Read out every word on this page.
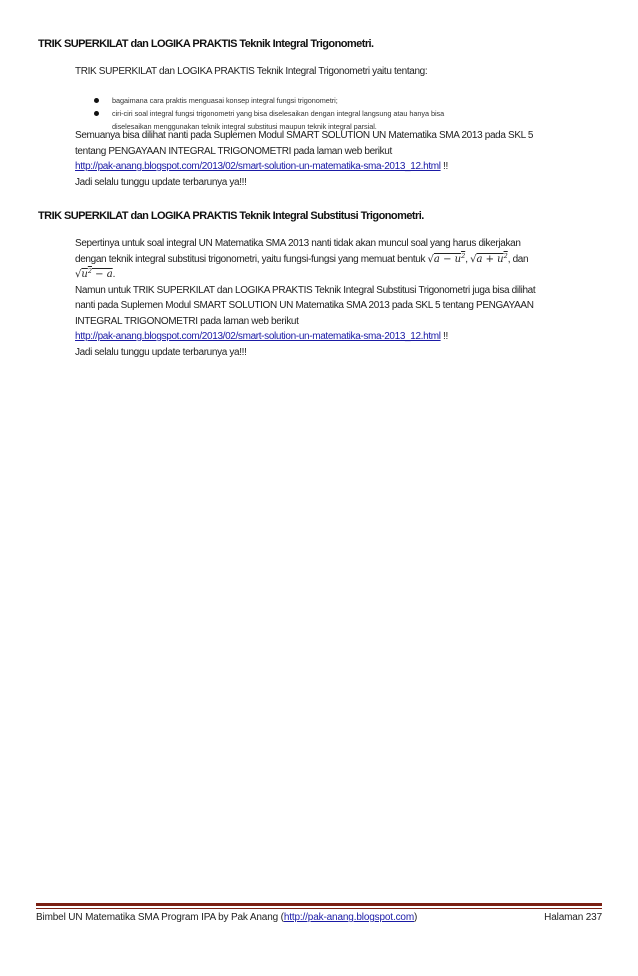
TRIK SUPERKILAT dan LOGIKA PRAKTIS Teknik Integral Trigonometri.
TRIK SUPERKILAT dan LOGIKA PRAKTIS Teknik Integral Trigonometri yaitu tentang:
bagaimana cara praktis menguasai konsep integral fungsi trigonometri;
ciri-ciri soal integral fungsi trigonometri yang bisa diselesaikan dengan integral langsung atau hanya bisa
diselesaikan menggunakan teknik integral substitusi maupun teknik integral parsial.
Semuanya bisa dilihat nanti pada Suplemen Modul SMART SOLUTION UN Matematika SMA 2013 pada SKL 5
tentang PENGAYAAN INTEGRAL TRIGONOMETRI pada laman web berikut
http://pak-anang.blogspot.com/2013/02/smart-solution-un-matematika-sma-2013_12.html !!
Jadi selalu tunggu update terbarunya ya!!!
TRIK SUPERKILAT dan LOGIKA PRAKTIS Teknik Integral Substitusi Trigonometri.
Sepertinya untuk soal integral UN Matematika SMA 2013 nanti tidak akan muncul soal yang harus dikerjakan
dengan teknik integral substitusi trigonometri, yaitu fungsi-fungsi yang memuat bentuk $√a - u^2$, $√a + u^2$, dan
$√u^2 - a$.
Namun untuk TRIK SUPERKILAT dan LOGIKA PRAKTIS Teknik Integral Substitusi Trigonometri juga bisa dilihat
nanti pada Suplemen Modul SMART SOLUTION UN Matematika SMA 2013 pada SKL 5 tentang PENGAYAAN
INTEGRAL TRIGONOMETRI pada laman web berikut
http://pak-anang.blogspot.com/2013/02/smart-solution-un-matematika-sma-2013_12.html !!
Jadi selalu tunggu update terbarunya ya!!!
Bimbel UN Matematika SMA Program IPA by Pak Anang (http://pak-anang.blogspot.com)	Halaman 237
